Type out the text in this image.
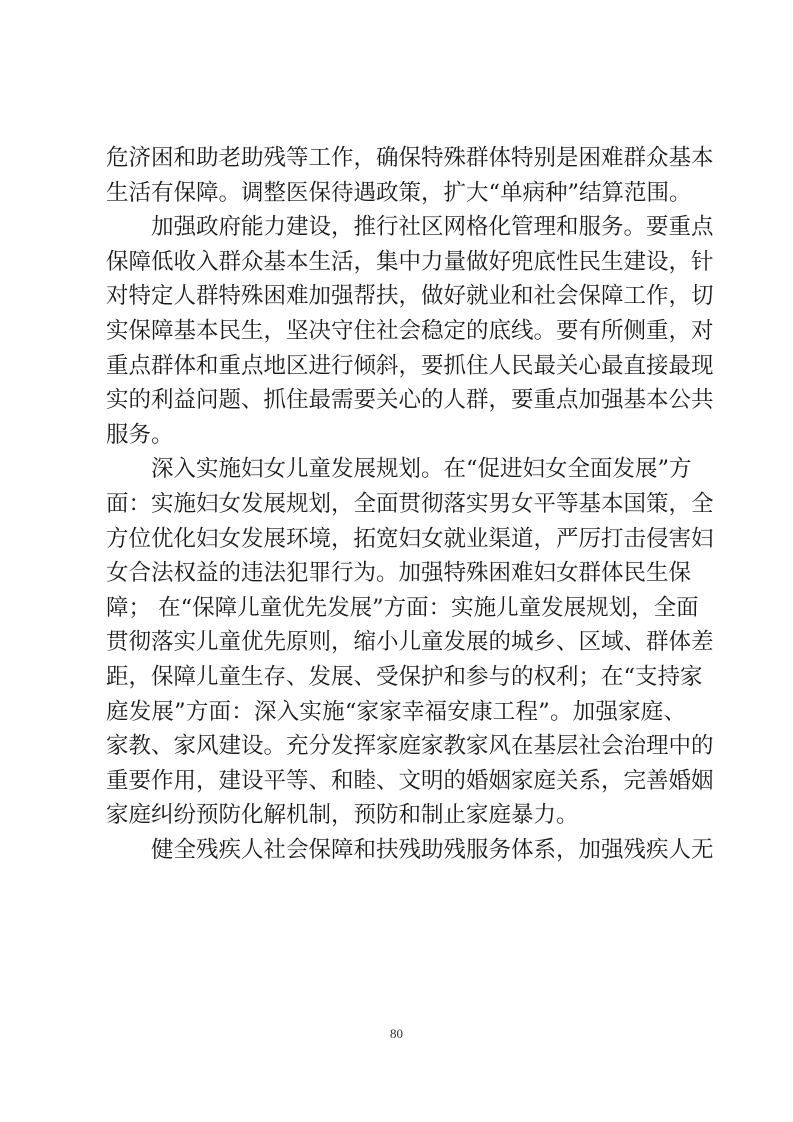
危济困和助老助残等工作，确保特殊群体特别是困难群众基本
生活有保障。调整医保待遇政策，扩大“单病种”结算范围。
加强政府能力建设，推行社区网格化管理和服务。要重点
保障低收入群众基本生活，集中力量做好兜底性民生建设，针
对特定人群特殊困难加强帮扶，做好就业和社会保障工作，切
实保障基本民生，坚决守住社会稳定的底线。要有所侧重，对
重点群体和重点地区进行倾斜，要抓住人民最关心最直接最现
实的利益问题、抓住最需要关心的人群，要重点加强基本公共
服务。
深入实施妇女儿童发展规划。在“促进妇女全面发展”方
面：实施妇女发展规划，全面贯彻落实男女平等基本国策，全
方位优化妇女发展环境，拓宽妇女就业渠道，严厉打击侵害妇
女合法权益的违法犯罪行为。加强特殊困难妇女群体民生保
障； 在“保障儿童优先发展”方面：实施儿童发展规划，全面
贯彻落实儿童优先原则，缩小儿童发展的城乡、区域、群体差
距，保障儿童生存、发展、受保护和参与的权利；在“支持家
庭发展”方面：深入实施“家家幸福安康工程”。加强家庭、
家教、家风建设。充分发挥家庭家教家风在基层社会治理中的
重要作用，建设平等、和睦、文明的婚姻家庭关系，完善婚姻
家庭纠纷预防化解机制，预防和制止家庭暴力。
健全残疾人社会保障和扶残助残服务体系，加强残疾人无
80
